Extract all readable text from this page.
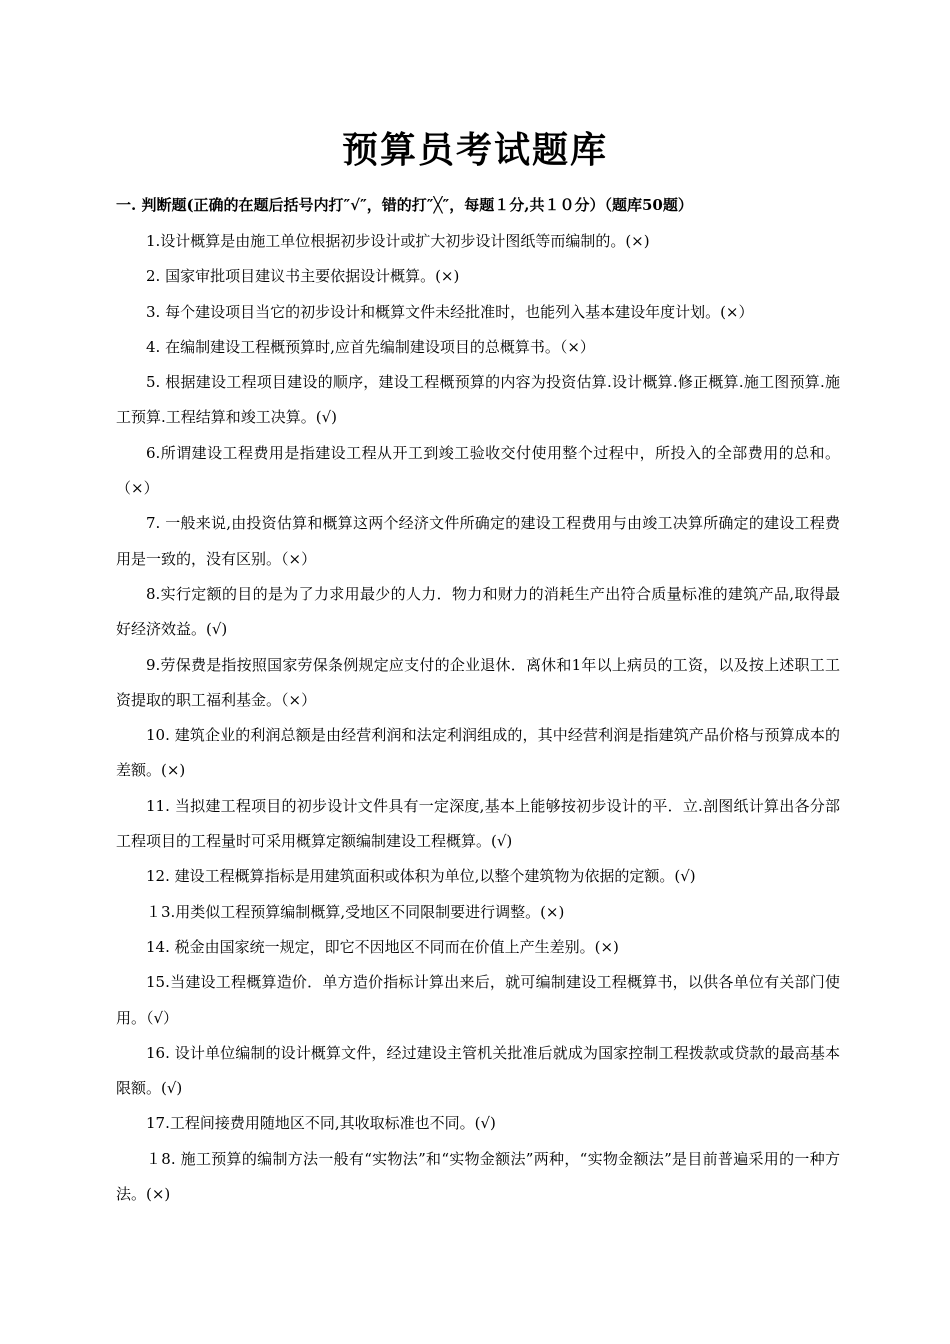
预算员考试题库

一. 判断题(正确的在题后括号内打″√″，错的打″╳″，每题１分,共１０分）（题库50题）

1.设计概算是由施工单位根据初步设计或扩大初步设计图纸等而编制的。(×)
2. 国家审批项目建议书主要依据设计概算。(×)
3. 每个建设项目当它的初步设计和概算文件未经批准时，也能列入基本建设年度计划。(×）
4. 在编制建设工程概预算时,应首先编制建设项目的总概算书。（×）
5. 根据建设工程项目建设的顺序，建设工程概预算的内容为投资估算.设计概算.修正概算.施工图预算.施工预算.工程结算和竣工决算。(√)
6.所谓建设工程费用是指建设工程从开工到竣工验收交付使用整个过程中，所投入的全部费用的总和。（×）
7. 一般来说,由投资估算和概算这两个经济文件所确定的建设工程费用与由竣工决算所确定的建设工程费用是一致的，没有区别。（×）
8.实行定额的目的是为了力求用最少的人力．物力和财力的消耗生产出符合质量标准的建筑产品,取得最好经济效益。(√)
9.劳保费是指按照国家劳保条例规定应支付的企业退休．离休和1年以上病员的工资，以及按上述职工工资提取的职工福利基金。（×）
10. 建筑企业的利润总额是由经营利润和法定利润组成的，其中经营利润是指建筑产品价格与预算成本的差额。(×)
11. 当拟建工程项目的初步设计文件具有一定深度,基本上能够按初步设计的平．立.剖图纸计算出各分部工程项目的工程量时可采用概算定额编制建设工程概算。(√)
12. 建设工程概算指标是用建筑面积或体积为单位,以整个建筑物为依据的定额。(√)
１3.用类似工程预算编制概算,受地区不同限制要进行调整。(×)
14. 税金由国家统一规定，即它不因地区不同而在价值上产生差别。(×)
15.当建设工程概算造价．单方造价指标计算出来后，就可编制建设工程概算书，以供各单位有关部门使用。（√）
16. 设计单位编制的设计概算文件，经过建设主管机关批准后就成为国家控制工程拨款或贷款的最高基本限额。(√)
17.工程间接费用随地区不同,其收取标准也不同。(√)
１8. 施工预算的编制方法一般有“实物法”和“实物金额法”两种，“实物金额法”是目前普遍采用的一种方法。(×)
